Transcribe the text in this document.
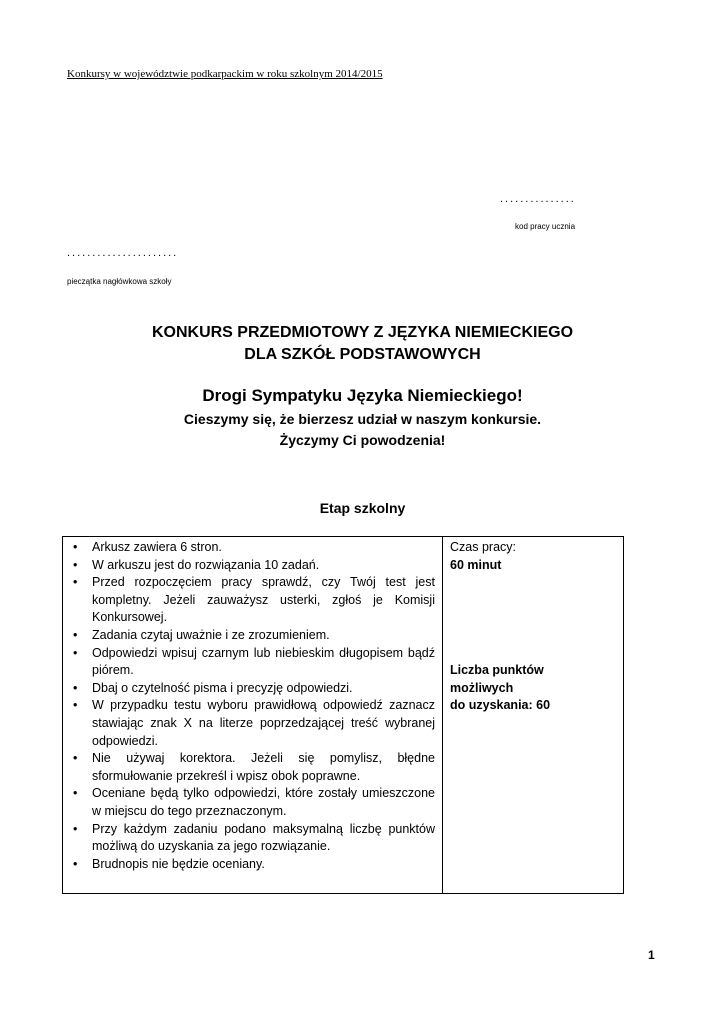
Konkursy w województwie podkarpackim w roku szkolnym 2014/2015
...............
kod pracy ucznia
......................
pieczątka nagłówkowa szkoły
KONKURS PRZEDMIOTOWY Z JĘZYKA NIEMIECKIEGO
DLA SZKÓŁ PODSTAWOWYCH
Drogi Sympatyku Języka Niemieckiego!
Cieszymy się, że bierzesz udział w naszym konkursie.
Życzymy Ci powodzenia!
Etap szkolny
• Arkusz zawiera 6 stron.
• W arkuszu jest do rozwiązania 10 zadań.
• Przed rozpoczęciem pracy sprawdź, czy Twój test jest kompletny. Jeżeli zauważysz usterki, zgłoś je Komisji Konkursowej.
• Zadania czytaj uważnie i ze zrozumieniem.
• Odpowiedzi wpisuj czarnym lub niebieskim długopisem bądź piórem.
• Dbaj o czytelność pisma i precyzję odpowiedzi.
• W przypadku testu wyboru prawidłową odpowiedź zaznacz stawiając znak X na literze poprzedzającej treść wybranej odpowiedzi.
• Nie używaj korektora. Jeżeli się pomylisz, błędne sformułowanie przekreśl i wpisz obok poprawne.
• Oceniane będą tylko odpowiedzi, które zostały umieszczone w miejscu do tego przeznaczonym.
• Przy każdym zadaniu podano maksymalną liczbę punktów możliwą do uzyskania za jego rozwiązanie.
• Brudnopis nie będzie oceniany.

Czas pracy:
60 minut
Liczba punktów
możliwych
do uzyskania: 60
1
